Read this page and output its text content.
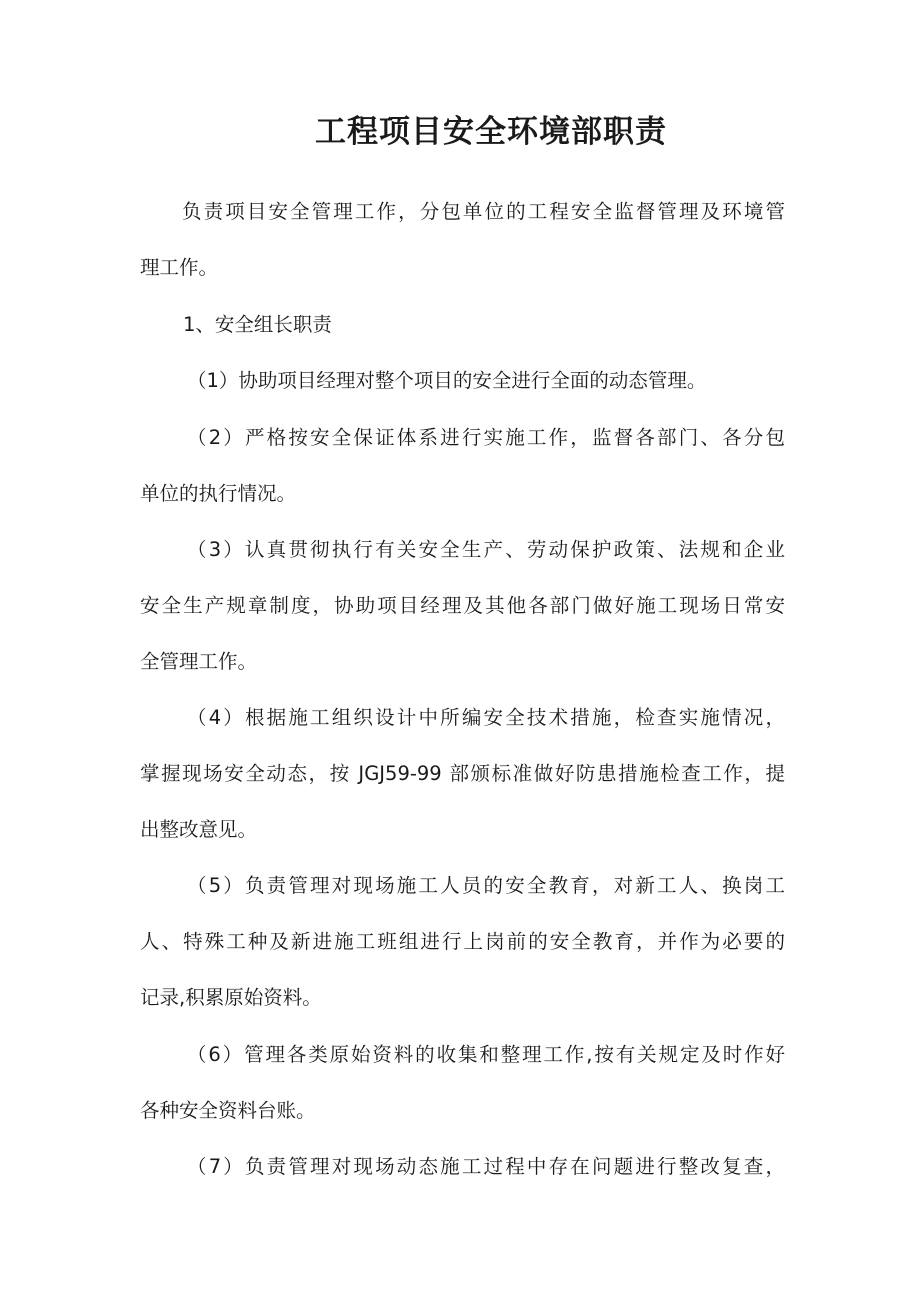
工程项目安全环境部职责

负责项目安全管理工作，分包单位的工程安全监督管理及环境管

理工作。

1、安全组长职责

（1）协助项目经理对整个项目的安全进行全面的动态管理。

（2）严格按安全保证体系进行实施工作，监督各部门、各分包

单位的执行情况。

（3）认真贯彻执行有关安全生产、劳动保护政策、法规和企业

安全生产规章制度，协助项目经理及其他各部门做好施工现场日常安

全管理工作。

（4）根据施工组织设计中所编安全技术措施，检查实施情况，

掌握现场安全动态，按 JGJ59-99 部颁标准做好防患措施检查工作，提

出整改意见。

（5）负责管理对现场施工人员的安全教育，对新工人、换岗工

人、特殊工种及新进施工班组进行上岗前的安全教育，并作为必要的

记录,积累原始资料。

（6）管理各类原始资料的收集和整理工作,按有关规定及时作好

各种安全资料台账。

（7）负责管理对现场动态施工过程中存在问题进行整改复查，
